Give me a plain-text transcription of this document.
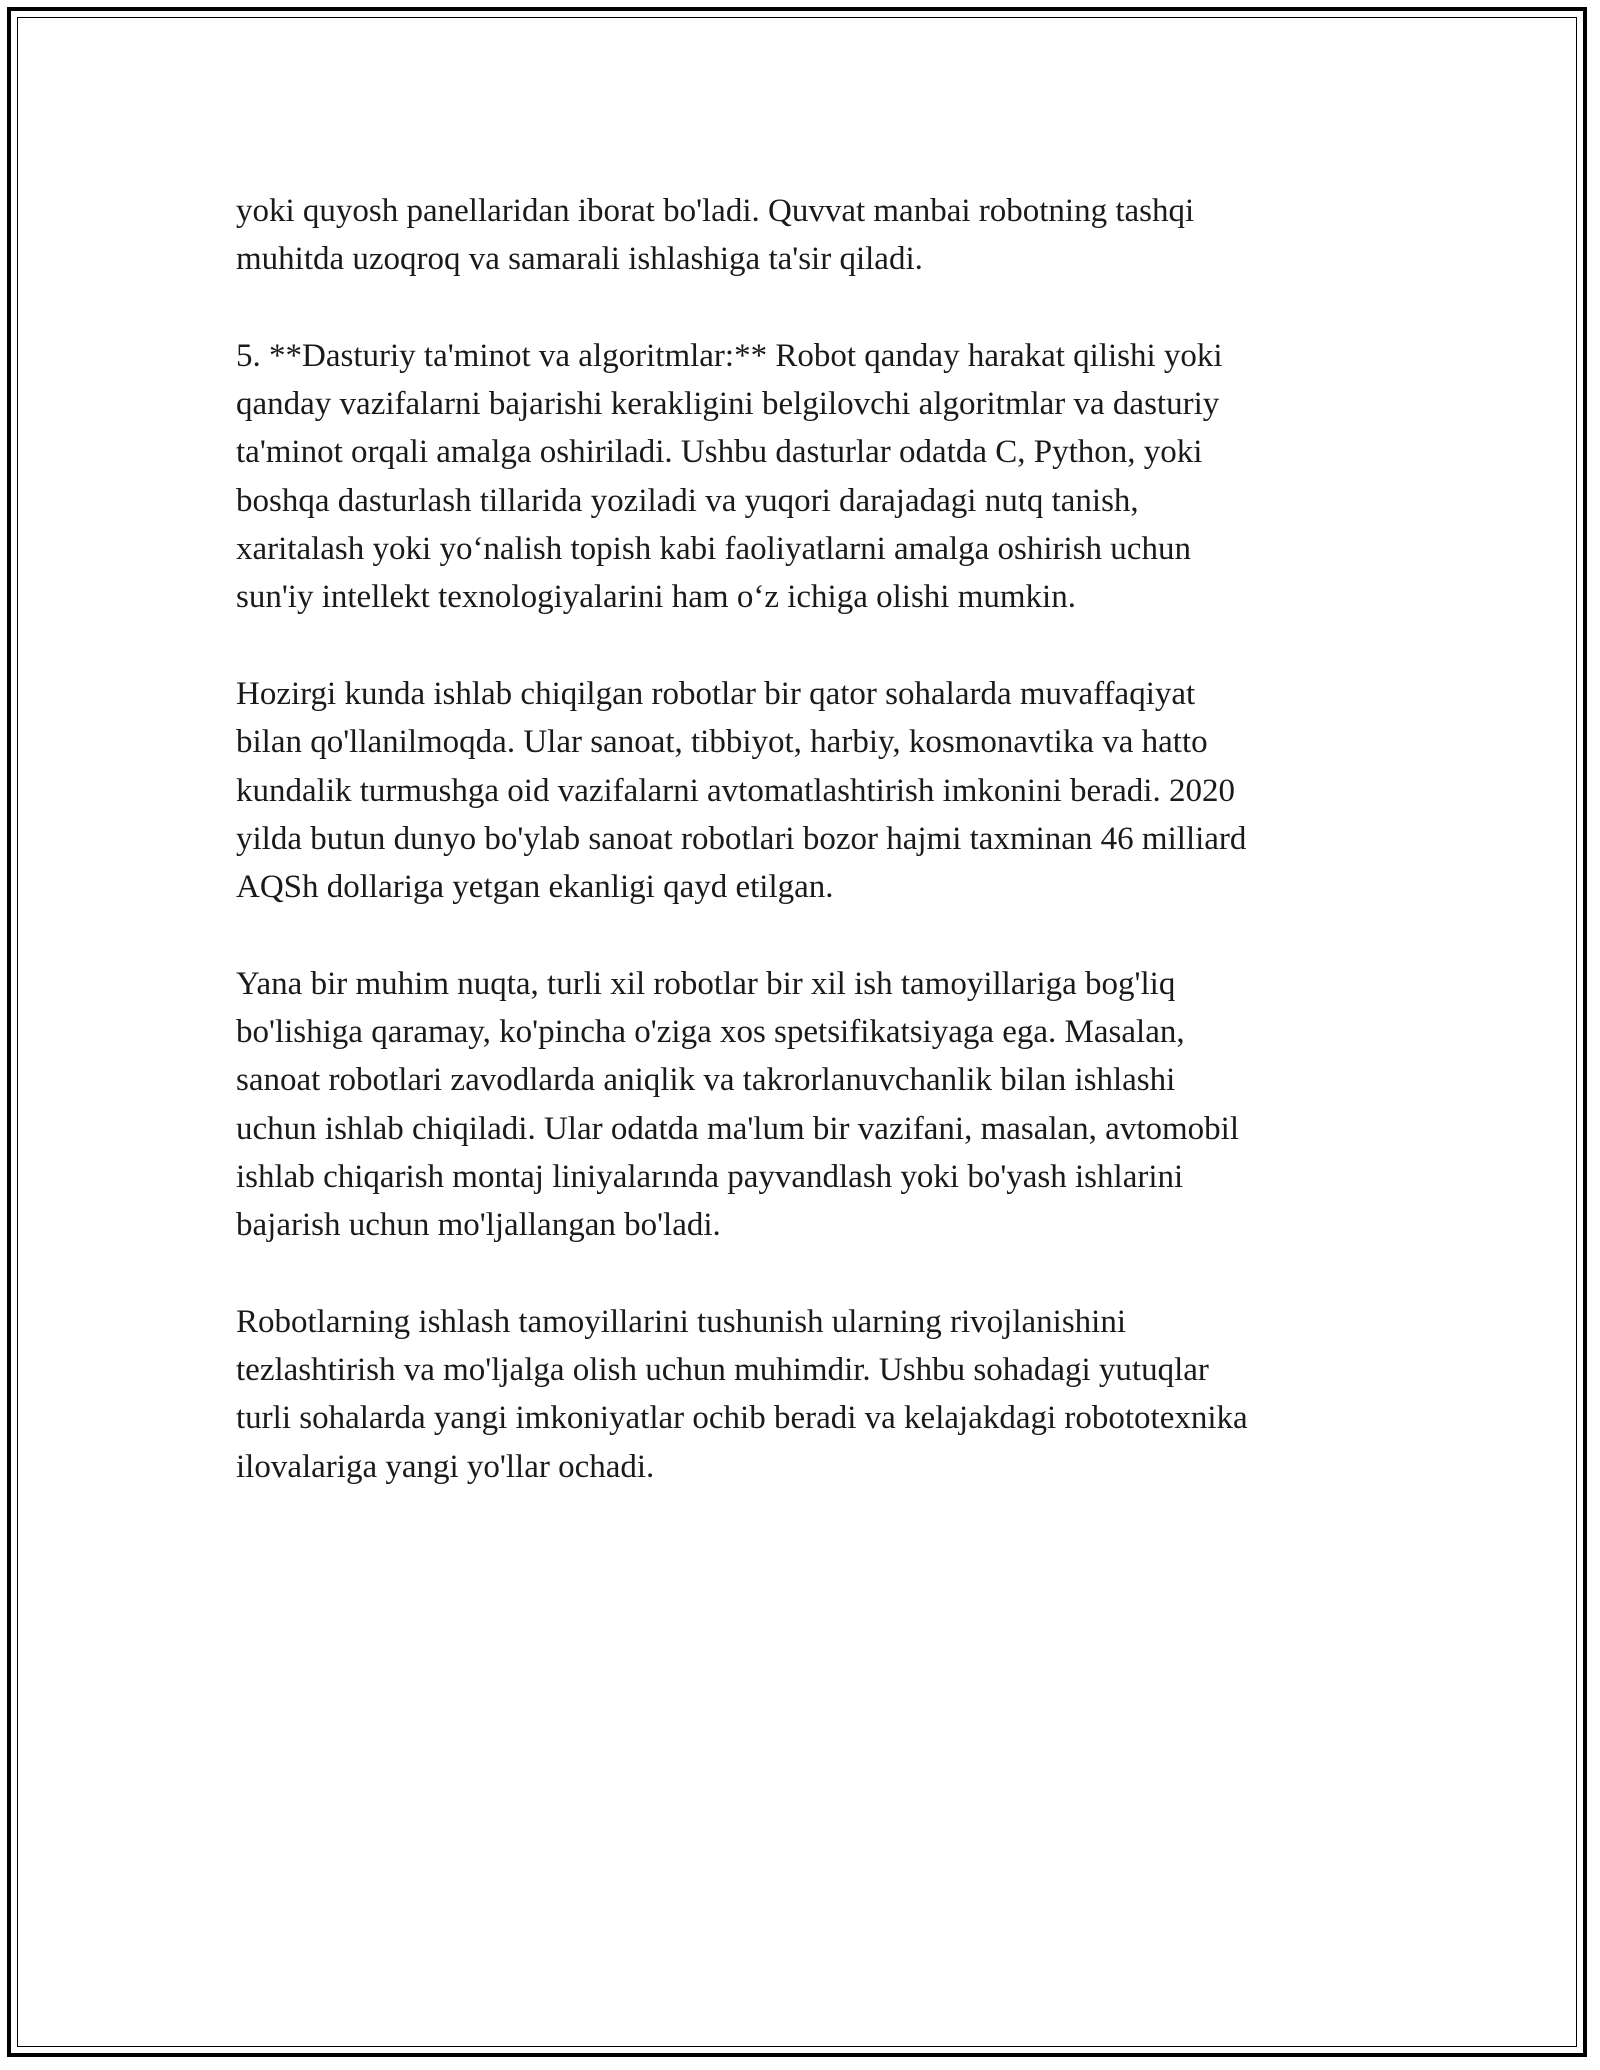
yoki quyosh panellaridan iborat bo'ladi. Quvvat manbai robotning tashqi
muhitda uzoqroq va samarali ishlashiga ta'sir qiladi.

5. **Dasturiy ta'minot va algoritmlar:** Robot qanday harakat qilishi yoki
qanday vazifalarni bajarishi kerakligini belgilovchi algoritmlar va dasturiy
ta'minot orqali amalga oshiriladi. Ushbu dasturlar odatda C, Python, yoki
boshqa dasturlash tillarida yoziladi va yuqori darajadagi nutq tanish,
xaritalash yoki yo‘nalish topish kabi faoliyatlarni amalga oshirish uchun
sun'iy intellekt texnologiyalarini ham o‘z ichiga olishi mumkin.

Hozirgi kunda ishlab chiqilgan robotlar bir qator sohalarda muvaffaqiyat
bilan qo'llanilmoqda. Ular sanoat, tibbiyot, harbiy, kosmonavtika va hatto
kundalik turmushga oid vazifalarni avtomatlashtirish imkonini beradi. 2020
yilda butun dunyo bo'ylab sanoat robotlari bozor hajmi taxminan 46 milliard
AQSh dollariga yetgan ekanligi qayd etilgan.

Yana bir muhim nuqta, turli xil robotlar bir xil ish tamoyillariga bog'liq
bo'lishiga qaramay, ko'pincha o'ziga xos spetsifikatsiyaga ega. Masalan,
sanoat robotlari zavodlarda aniqlik va takrorlanuvchanlik bilan ishlashi
uchun ishlab chiqiladi. Ular odatda ma'lum bir vazifani, masalan, avtomobil
ishlab chiqarish montaj liniyalarında payvandlash yoki bo'yash ishlarini
bajarish uchun mo'ljallangan bo'ladi.

Robotlarning ishlash tamoyillarini tushunish ularning rivojlanishini
tezlashtirish va mo'ljalga olish uchun muhimdir. Ushbu sohadagi yutuqlar
turli sohalarda yangi imkoniyatlar ochib beradi va kelajakdagi robototexnika
ilovalariga yangi yo'llar ochadi.
